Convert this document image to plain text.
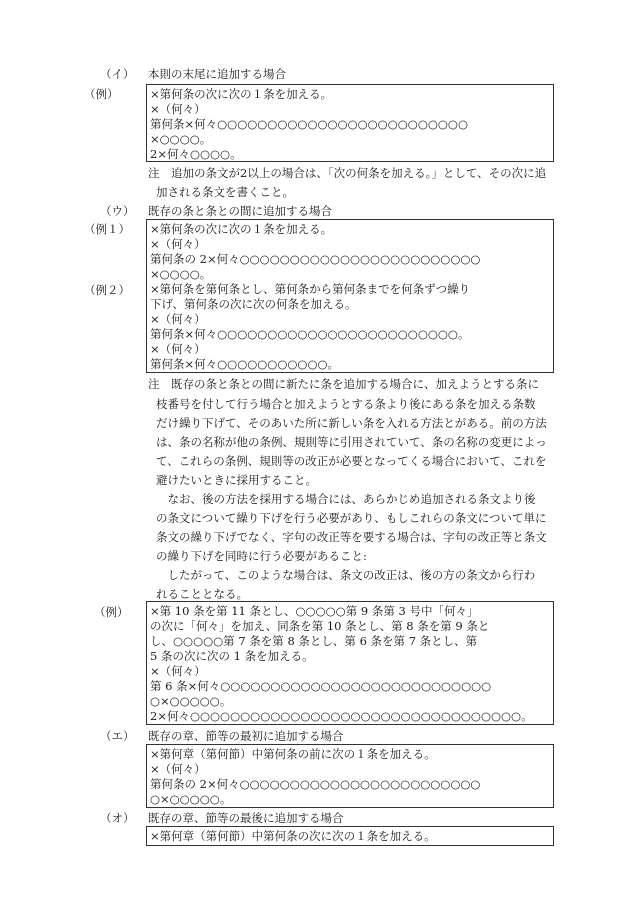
（イ） 本則の末尾に追加する場合
（例）	×第何条の次に次の１条を加える。
×（何々）
第何条×何々○○○○○○○○○○○○○○○○○○○○○○○○○
×○○○○。
2×何々○○○○。
注　追加の条文が2以上の場合は、「次の何条を加える。」として、その次に追
加される条文を書くこと。
（ウ） 既存の条と条との間に追加する場合
（例１）
（例２）
×第何条の次に次の１条を加える。
×（何々）
第何条の 2×何々○○○○○○○○○○○○○○○○○○○○○○○○
×○○○○。
×第何条を第何条とし、第何条から第何条までを何条ずつ繰り
下げ、第何条の次に次の何条を加える。
×（何々）
第何条×何々○○○○○○○○○○○○○○○○○○○○○○○○。
×（何々）
第何条×何々○○○○○○○○○○○。
注　既存の条と条との間に新たに条を追加する場合に、加えようとする条に
枝番号を付して行う場合と加えようとする条より後にある条を加える条数
だけ繰り下げて、そのあいた所に新しい条を入れる方法とがある。前の方法
は、条の名称が他の条例、規則等に引用されていて、条の名称の変更によっ
て、これらの条例、規則等の改正が必要となってくる場合において、これを
避けたいときに採用すること。
　なお、後の方法を採用する場合には、あらかじめ追加される条文より後
の条文について繰り下げを行う必要があり、もしこれらの条文について単に
条文の繰り下げでなく、字句の改正等を要する場合は、字句の改正等と条文
の繰り下げを同時に行う必要があること:
　したがって、このような場合は、条文の改正は、後の方の条文から行わ
れることとなる。
（例） ×第 10 条を第 11 条とし、○○○○○第 9 条第 3 号中「何々」
の次に「何々」を加え、同条を第 10 条とし、第 8 条を第 9 条と
し、○○○○○第 7 条を第 8 条とし、第 6 条を第 7 条とし、第
5 条の次に次の 1 条を加える。
×（何々）
第 6 条×何々○○○○○○○○○○○○○○○○○○○○○○○○○○○
○×○○○○○。
2×何々○○○○○○○○○○○○○○○○○○○○○○○○○○○○○○○○○。
（エ） 既存の章、節等の最初に追加する場合
×第何章（第何節）中第何条の前に次の１条を加える。
×（何々）
第何条の 2×何々○○○○○○○○○○○○○○○○○○○○○○○○
○×○○○○○。
（オ） 既存の章、節等の最後に追加する場合
×第何章（第何節）中第何条の次に次の１条を加える。
